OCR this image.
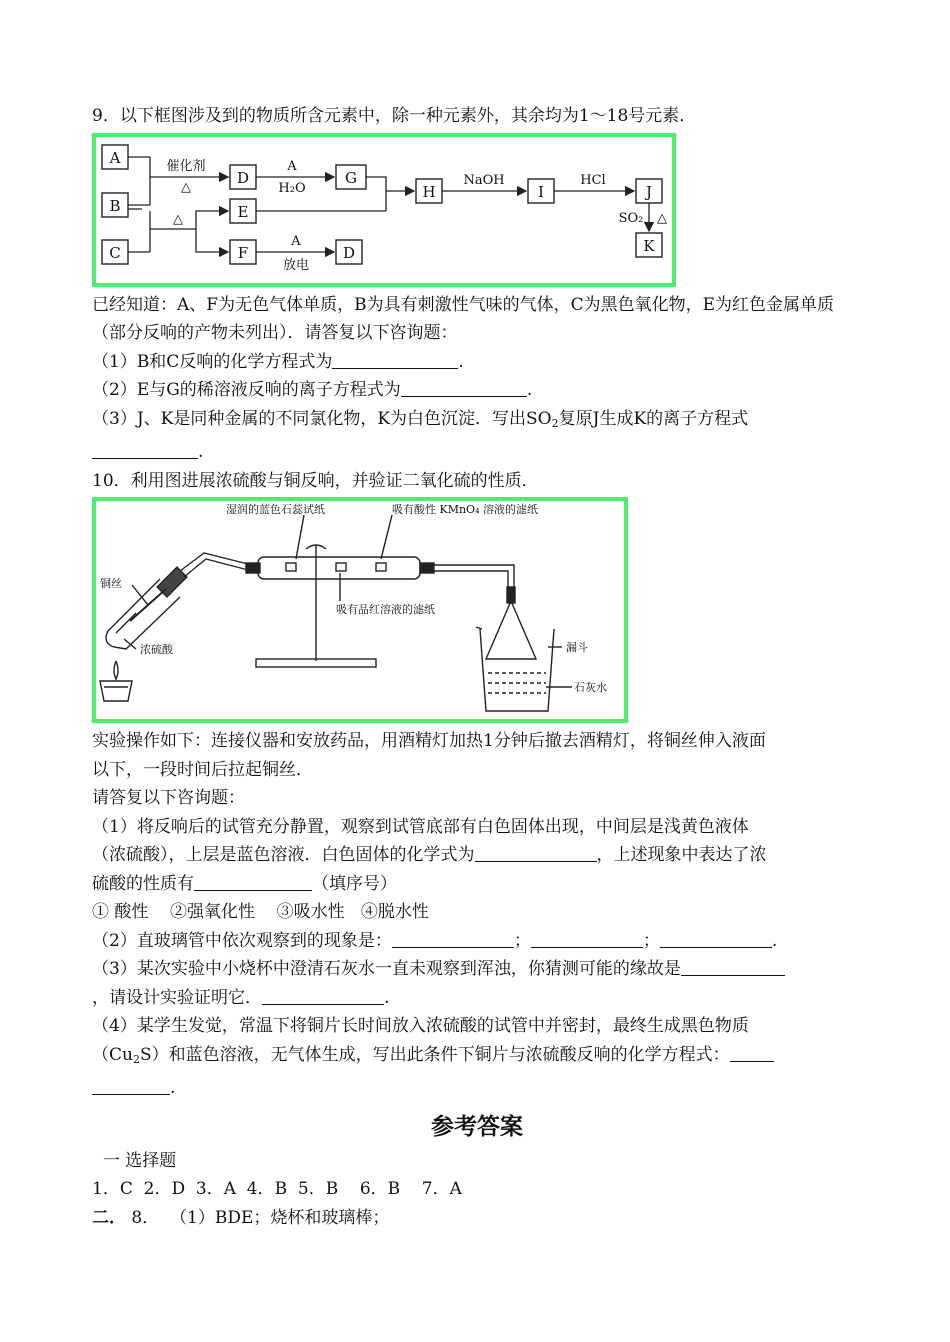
9．以下框图涉及到的物质所含元素中，除一种元素外，其余均为1～18号元素．

A
B
C
D
E
F	D
G
H	I	J
K
催化剂
△
△
A
H₂O
A
放电
NaOH	HCl
SO₂ △

已经知道：A、F为无色气体单质，B为具有刺激性气味的气体，C为黑色氧化物，E为红色金属单质（部分反响的产物未列出）．请答复以下咨询题：

（1）B和C反响的化学方程式为	.

（2）E与G的稀溶液反响的离子方程式为	.

（3）J、K是同种金属的不同氯化物，K为白色沉淀．写出$SO_2$复原J生成K的离子方程式

.

10．利用图进展浓硫酸与铜反响，并验证二氧化硫的性质．

湿润的蓝色石蕊试纸	吸有酸性 KMnO₄ 溶液的滤纸
吸有品红溶液的滤纸
铜丝
浓硫酸	漏斗
石灰水

实验操作如下：连接仪器和安放药品，用酒精灯加热1分钟后撤去酒精灯，将铜丝伸入液面

以下，一段时间后拉起铜丝．

请答复以下咨询题：

（1）将反响后的试管充分静置，观察到试管底部有白色固体出现，中间层是浅黄色液体

（浓硫酸），上层是蓝色溶液．白色固体的化学式为	，上述现象中表达了浓

硫酸的性质有	（填序号）

① 酸性    ②强氧化性    ③吸水性   ④脱水性

（2）直玻璃管中依次观察到的现象是：	；	；	.

（3）某次实验中小烧杯中澄清石灰水一直未观察到浑浊，你猜测可能的缘故是

，请设计实验证明它．	.

（4）某学生发觉，常温下将铜片长时间放入浓硫酸的试管中并密封，最终生成黑色物质

$(Cu_2S)$和蓝色溶液，无气体生成，写出此条件下铜片与浓硫酸反响的化学方程式：

.

参考答案

一 选择题

1．C  2．D  3．A  4．B  5．B    6．B    7．A

二． 8．  （1）BDE；烧杯和玻璃棒；
